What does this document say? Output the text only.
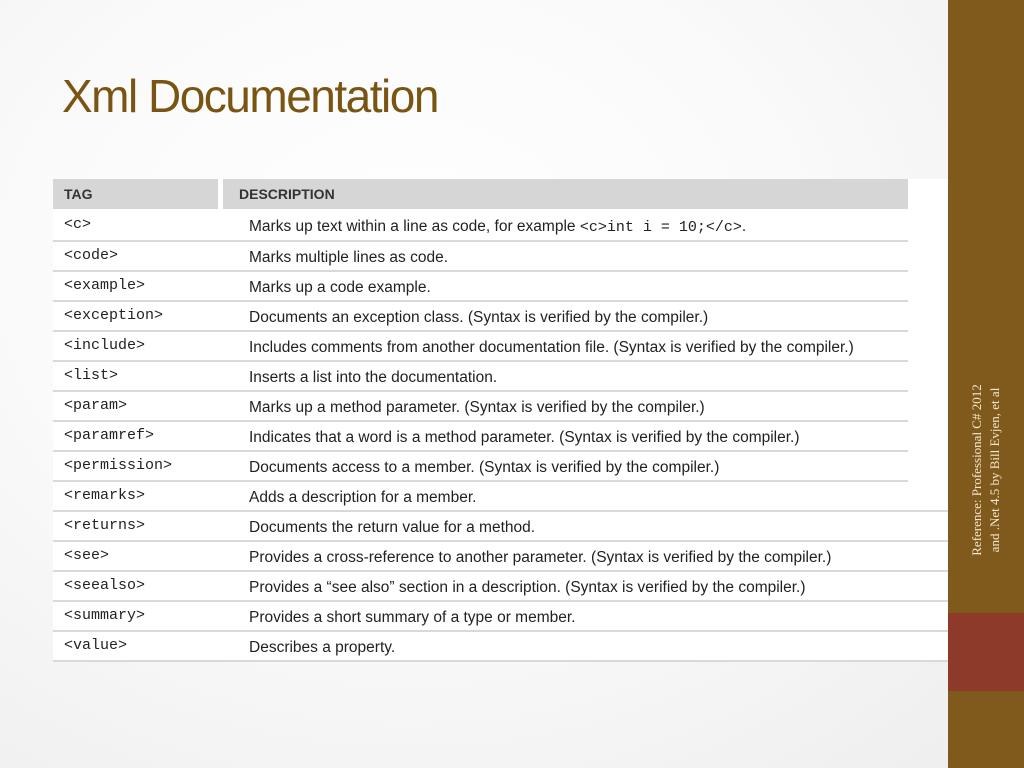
Reference: Professional C# 2012 and .Net 4.5 by Bill Evjen, et al
Xml Documentation
TAG	DESCRIPTION
<c>	Marks up text within a line as code, for example <c>int i = 10;</c>.
<code>	Marks multiple lines as code.
<example>	Marks up a code example.
<exception>	Documents an exception class. (Syntax is verified by the compiler.)
<include>	Includes comments from another documentation file. (Syntax is verified by the compiler.)
<list>	Inserts a list into the documentation.
<param>	Marks up a method parameter. (Syntax is verified by the compiler.)
<paramref>	Indicates that a word is a method parameter. (Syntax is verified by the compiler.)
<permission>	Documents access to a member. (Syntax is verified by the compiler.)
<remarks>	Adds a description for a member.
<returns>	Documents the return value for a method.
<see>	Provides a cross-reference to another parameter. (Syntax is verified by the compiler.)
<seealso>	Provides a “see also” section in a description. (Syntax is verified by the compiler.)
<summary>	Provides a short summary of a type or member.
<value>	Describes a property.
